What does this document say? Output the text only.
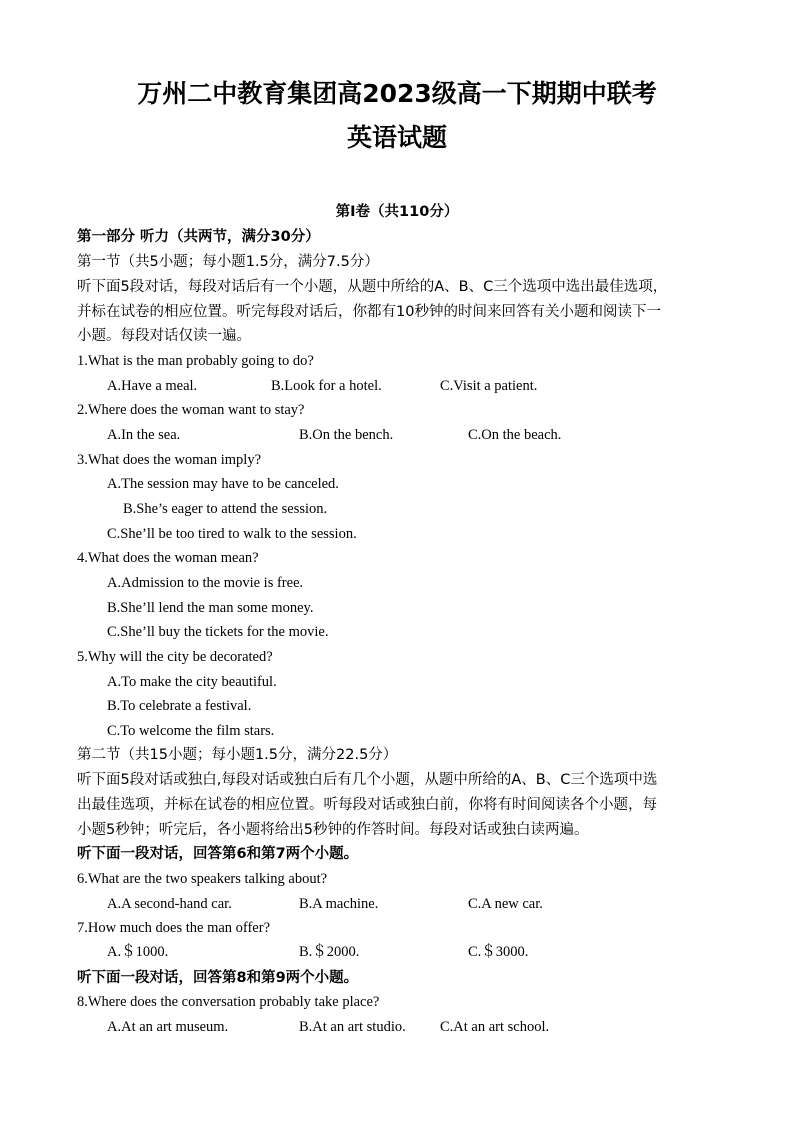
万州二中教育集团高2023级高一下期期中联考
英语试题
第Ⅰ卷（共110分）
第一部分 听力（共两节，满分30分）
第一节（共5小题；每小题1.5分，满分7.5分）
听下面5段对话，每段对话后有一个小题，从题中所给的A、B、C三个选项中选出最佳选项，
并标在试卷的相应位置。听完每段对话后，你都有10秒钟的时间来回答有关小题和阅读下一
小题。每段对话仅读一遍。
1.What is the man probably going to do?
A.Have a meal.	B.Look for a hotel.	C.Visit a patient.
2.Where does the woman want to stay?
A.In the sea.	B.On the bench.	C.On the beach.
3.What does the woman imply?
A.The session may have to be canceled.
B.She’s eager to attend the session.
C.She’ll be too tired to walk to the session.
4.What does the woman mean?
A.Admission to the movie is free.
B.She’ll lend the man some money.
C.She’ll buy the tickets for the movie.
5.Why will the city be decorated?
A.To make the city beautiful.
B.To celebrate a festival.
C.To welcome the film stars.
第二节（共15小题；每小题1.5分，满分22.5分）
听下面5段对话或独白,每段对话或独白后有几个小题，从题中所给的A、B、C三个选项中选
出最佳选项，并标在试卷的相应位置。听每段对话或独白前，你将有时间阅读各个小题，每
小题5秒钟；听完后，各小题将给出5秒钟的作答时间。每段对话或独白读两遍。
听下面一段对话，回答第6和第7两个小题。
6.What are the two speakers talking about?
A.A second-hand car.	B.A machine.	C.A new car.
7.How much does the man offer?
A.＄1000.	B.＄2000.	C.＄3000.
听下面一段对话，回答第8和第9两个小题。
8.Where does the conversation probably take place?
A.At an art museum.	B.At an art studio. C.At an art school.
